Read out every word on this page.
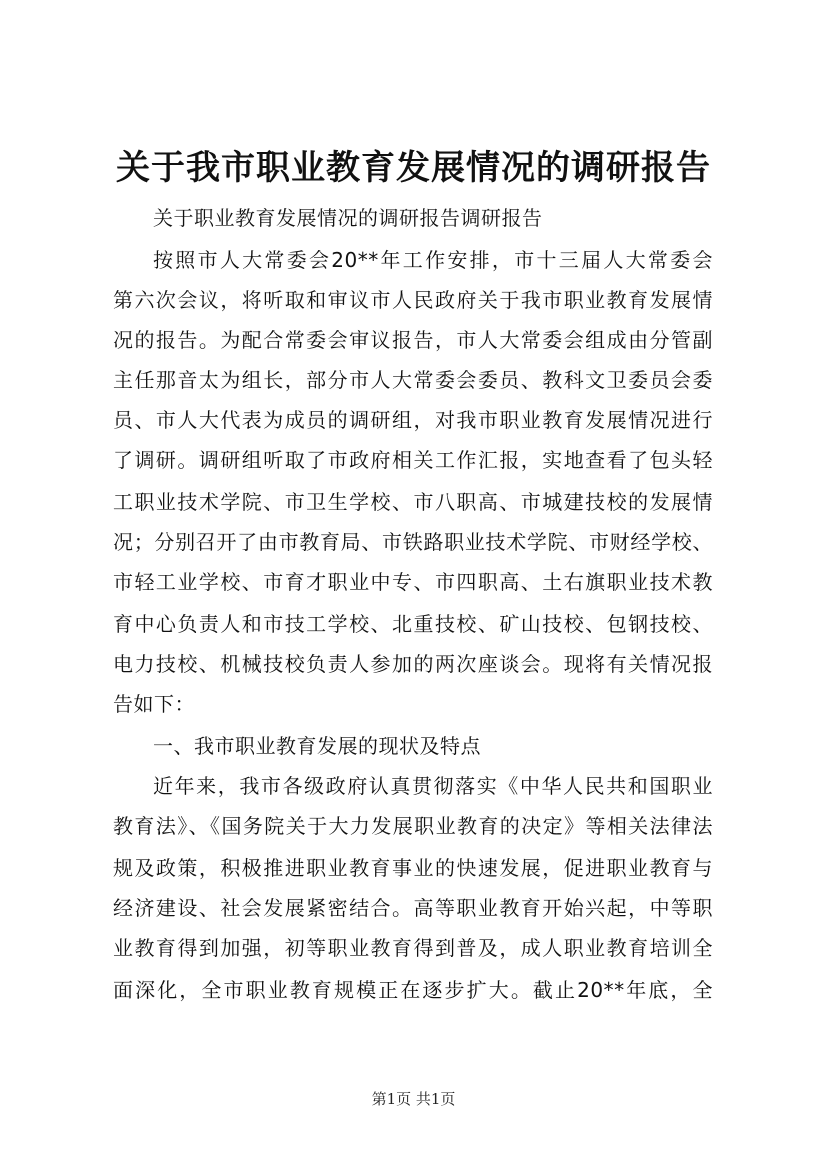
关于我市职业教育发展情况的调研报告
关于职业教育发展情况的调研报告调研报告
按照市人大常委会20**年工作安排，市十三届人大常委会
第六次会议，将听取和审议市人民政府关于我市职业教育发展情
况的报告。为配合常委会审议报告，市人大常委会组成由分管副
主任那音太为组长，部分市人大常委会委员、教科文卫委员会委
员、市人大代表为成员的调研组，对我市职业教育发展情况进行
了调研。调研组听取了市政府相关工作汇报，实地查看了包头轻
工职业技术学院、市卫生学校、市八职高、市城建技校的发展情
况；分别召开了由市教育局、市铁路职业技术学院、市财经学校、
市轻工业学校、市育才职业中专、市四职高、土右旗职业技术教
育中心负责人和市技工学校、北重技校、矿山技校、包钢技校、
电力技校、机械技校负责人参加的两次座谈会。现将有关情况报
告如下：
一、我市职业教育发展的现状及特点
近年来，我市各级政府认真贯彻落实《中华人民共和国职业
教育法》、《国务院关于大力发展职业教育的决定》等相关法律法
规及政策，积极推进职业教育事业的快速发展，促进职业教育与
经济建设、社会发展紧密结合。高等职业教育开始兴起，中等职
业教育得到加强，初等职业教育得到普及，成人职业教育培训全
面深化，全市职业教育规模正在逐步扩大。截止20**年底，全
第1页 共1页
